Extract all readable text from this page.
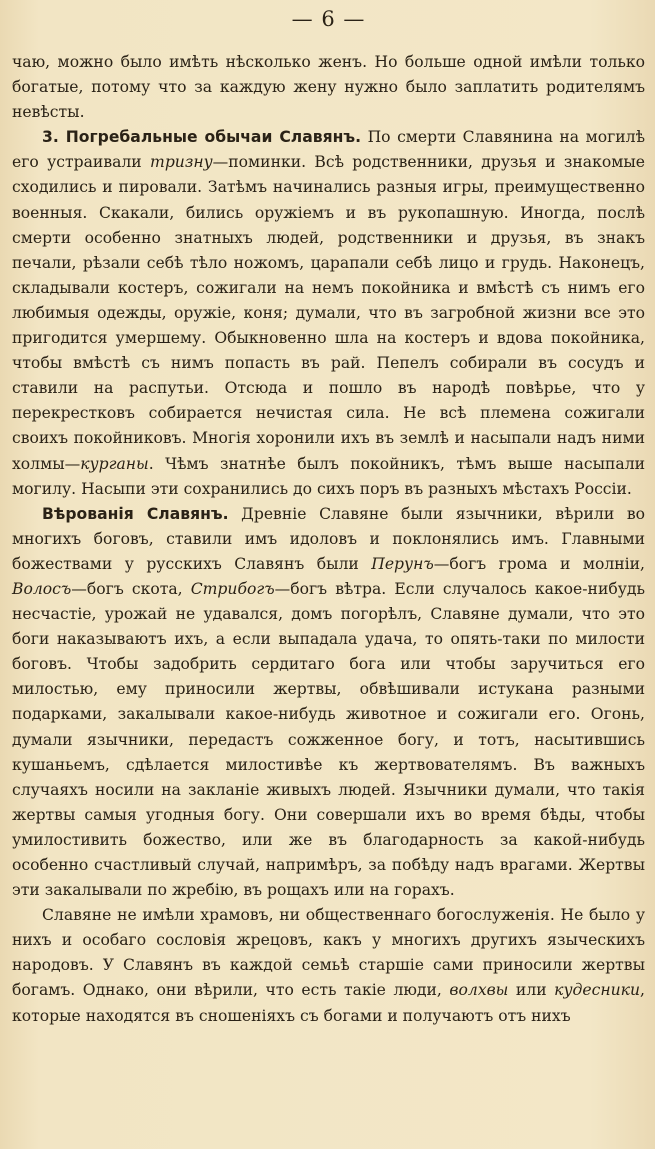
— 6 —

чаю, можно было имѣть нѣсколько женъ. Но больше одной имѣли только богатые, потому что за каждую жену нужно было заплатить родителямъ невѣсты.

3. Погребальные обычаи Славянъ. По смерти Славянина на могилѣ его устраивали тризну—поминки. Всѣ родственники, друзья и знакомые сходились и пировали. Затѣмъ начинались разныя игры, преимущественно военныя. Скакали, бились оружіемъ и въ рукопашную. Иногда, послѣ смерти особенно знатныхъ людей, родственники и друзья, въ знакъ печали, рѣзали себѣ тѣло ножомъ, царапали себѣ лицо и грудь. Наконецъ, складывали костеръ, сожигали на немъ покойника и вмѣстѣ съ нимъ его любимыя одежды, оружіе, коня; думали, что въ загробной жизни все это пригодится умершему. Обыкновенно шла на костеръ и вдова покойника, чтобы вмѣстѣ съ нимъ попасть въ рай. Пепелъ собирали въ сосудъ и ставили на распутьи. Отсюда и пошло въ народѣ повѣрье, что у перекрестковъ собирается нечистая сила. Не всѣ племена сожигали своихъ покойниковъ. Многія хоронили ихъ въ землѣ и насыпали надъ ними холмы—курганы. Чѣмъ знатнѣе былъ покойникъ, тѣмъ выше насыпали могилу. Насыпи эти сохранились до сихъ поръ въ разныхъ мѣстахъ Россіи.

Вѣрованія Славянъ. Древніе Славяне были язычники, вѣрили во многихъ боговъ, ставили имъ идоловъ и поклонялись имъ. Главными божествами у русскихъ Славянъ были Перунъ—богъ грома и молніи, Волосъ—богъ скота, Стрибогъ—богъ вѣтра. Если случалось какое-нибудь несчастіе, урожай не удавался, домъ погорѣлъ, Славяне думали, что это боги наказываютъ ихъ, а если выпадала удача, то опять-таки по милости боговъ. Чтобы задобрить сердитаго бога или чтобы заручиться его милостью, ему приносили жертвы, обвѣшивали истукана разными подарками, закалывали какое-нибудь животное и сожигали его. Огонь, думали язычники, передастъ сожженное богу, и тотъ, насытившись кушаньемъ, сдѣлается милостивѣе къ жертвователямъ. Въ важныхъ случаяхъ носили на закланіе живыхъ людей. Язычники думали, что такія жертвы самыя угодныя богу. Они совершали ихъ во время бѣды, чтобы умилостивить божество, или же въ благодарность за какой-нибудь особенно счастливый случай, напримѣръ, за побѣду надъ врагами. Жертвы эти закалывали по жребію, въ рощахъ или на горахъ.

Славяне не имѣли храмовъ, ни общественнаго богослуженія. Не было у нихъ и особаго сословія жрецовъ, какъ у многихъ другихъ языческихъ народовъ. У Славянъ въ каждой семьѣ старшіе сами приносили жертвы богамъ. Однако, они вѣрили, что есть такіе люди, волхвы или кудесники, которые находятся въ сношеніяхъ съ богами и получаютъ отъ нихъ
